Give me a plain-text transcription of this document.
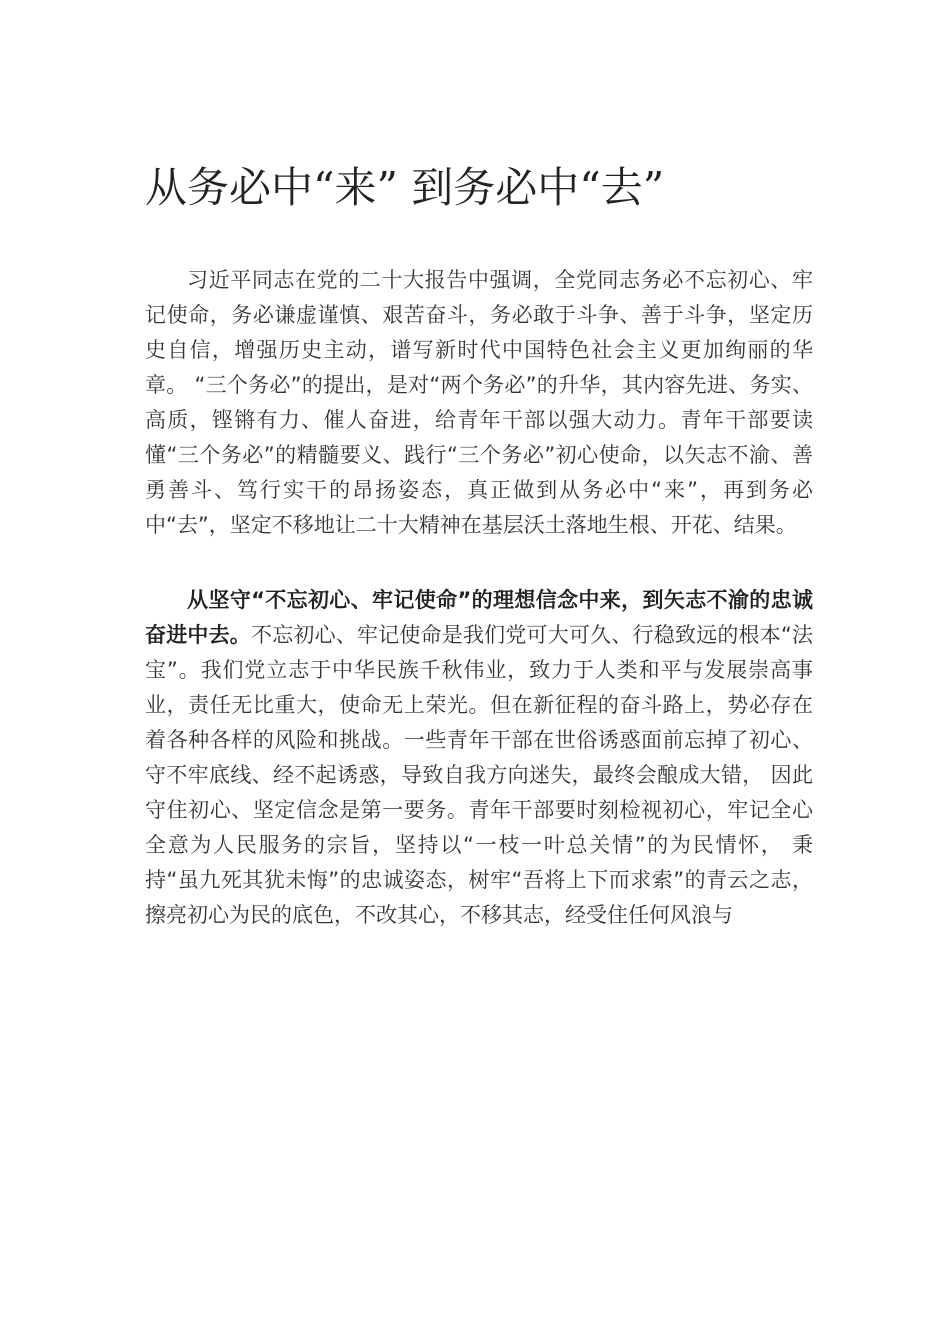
从务必中“来” 到务必中“去”

习近平同志在党的二十大报告中强调，全党同志务必不忘初心、牢记使命，务必谦虚谨慎、艰苦奋斗，务必敢于斗争、善于斗争，坚定历史自信，增强历史主动，谱写新时代中国特色社会主义更加绚丽的华章。 “三个务必”的提出，是对“两个务必”的升华，其内容先进、务实、高质，铿锵有力、催人奋进，给青年干部以强大动力。青年干部要读懂“三个务必”的精髓要义、践行“三个务必”初心使命，以矢志不渝、善勇善斗、笃行实干的昂扬姿态，真正做到从务必中“来”，再到务必中“去”，坚定不移地让二十大精神在基层沃土落地生根、开花、结果。

从坚守“不忘初心、牢记使命”的理想信念中来，到矢志不渝的忠诚奋进中去。不忘初心、牢记使命是我们党可大可久、行稳致远的根本“法宝”。我们党立志于中华民族千秋伟业，致力于人类和平与发展崇高事业，责任无比重大，使命无上荣光。但在新征程的奋斗路上，势必存在着各种各样的风险和挑战。一些青年干部在世俗诱惑面前忘掉了初心、守不牢底线、经不起诱惑，导致自我方向迷失，最终会酿成大错， 因此守住初心、坚定信念是第一要务。青年干部要时刻检视初心，牢记全心全意为人民服务的宗旨，坚持以“一枝一叶总关情”的为民情怀， 秉持“虽九死其犹未悔”的忠诚姿态，树牢“吾将上下而求索”的青云之志，擦亮初心为民的底色，不改其心，不移其志，经受住任何风浪与
